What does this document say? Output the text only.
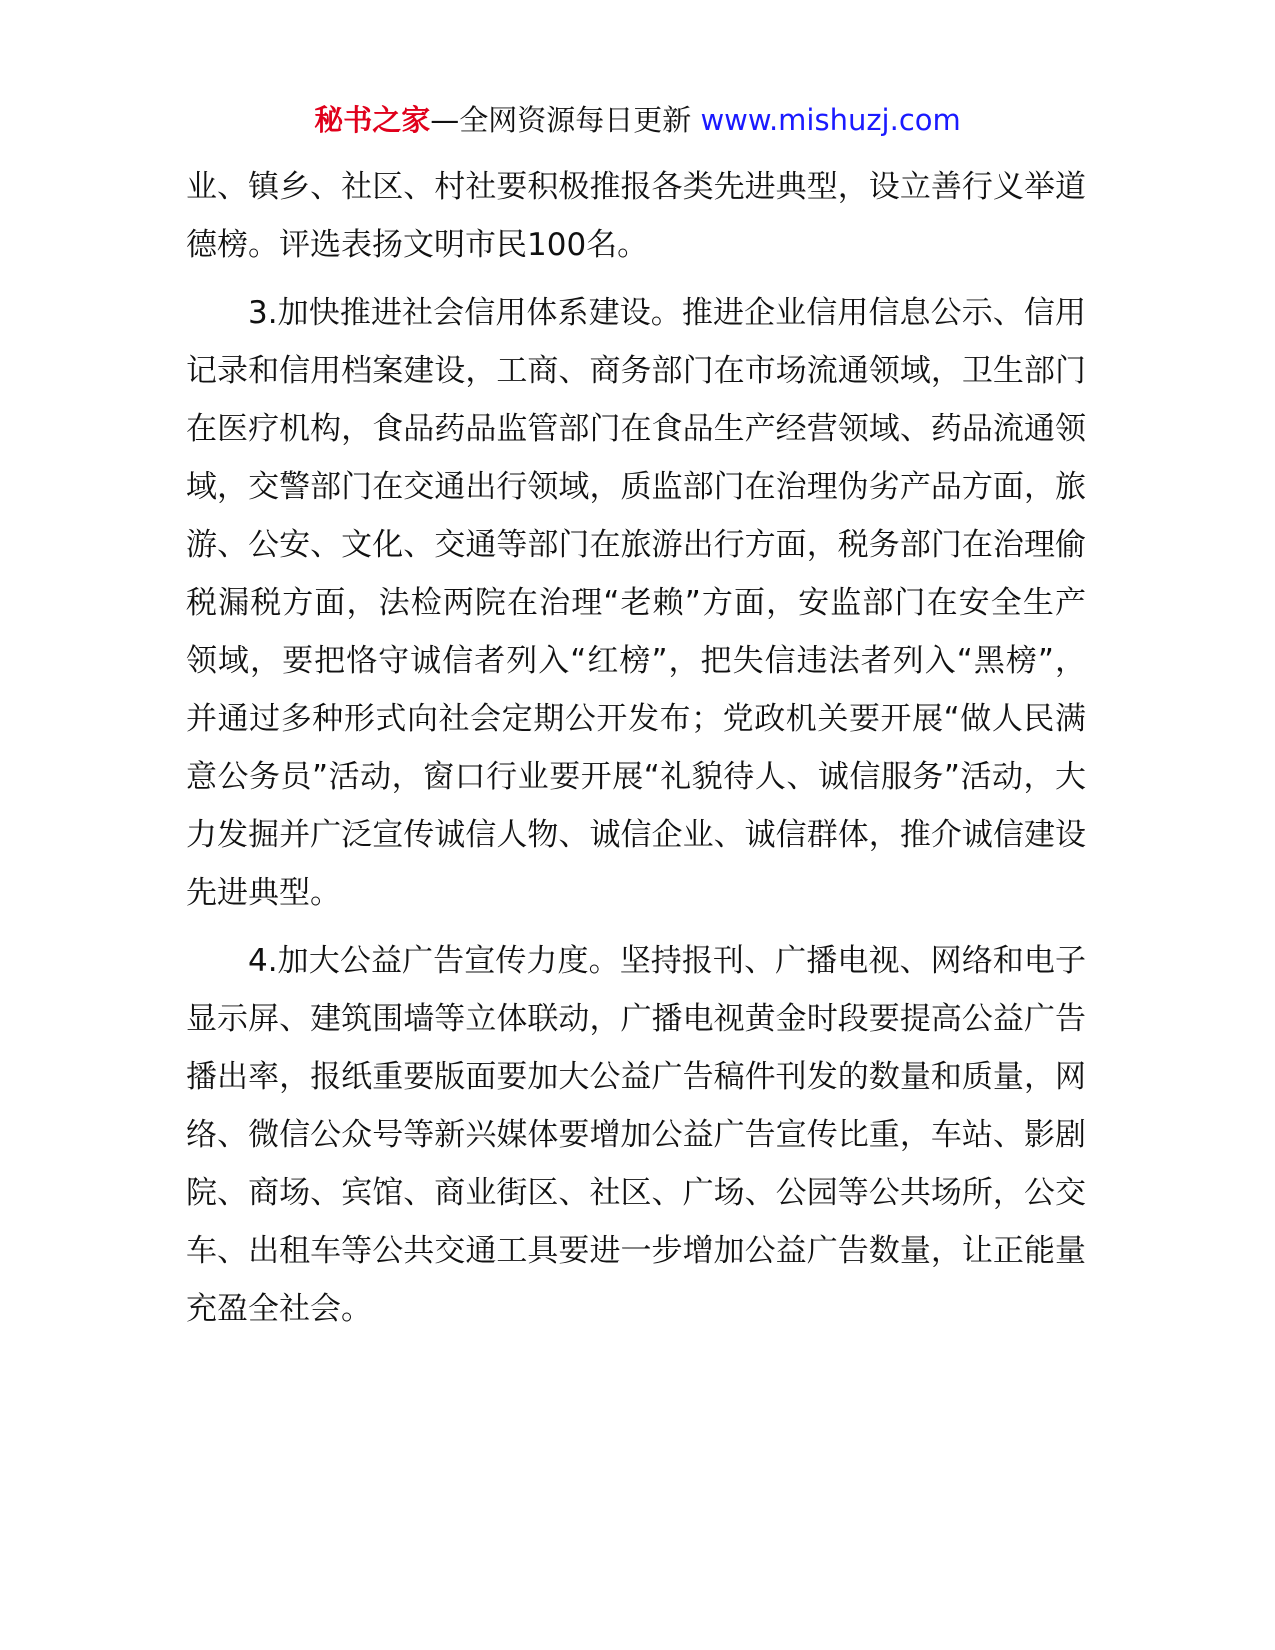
秘书之家—全网资源每日更新 www.mishuzj.com

业、镇乡、社区、村社要积极推报各类先进典型，设立善行义举道德榜。评选表扬文明市民100名。

3.加快推进社会信用体系建设。推进企业信用信息公示、信用记录和信用档案建设，工商、商务部门在市场流通领域，卫生部门在医疗机构，食品药品监管部门在食品生产经营领域、药品流通领域，交警部门在交通出行领域，质监部门在治理伪劣产品方面，旅游、公安、文化、交通等部门在旅游出行方面，税务部门在治理偷税漏税方面，法检两院在治理“老赖”方面，安监部门在安全生产领域，要把恪守诚信者列入“红榜”，把失信违法者列入“黑榜”，并通过多种形式向社会定期公开发布；党政机关要开展“做人民满意公务员”活动，窗口行业要开展“礼貌待人、诚信服务”活动，大力发掘并广泛宣传诚信人物、诚信企业、诚信群体，推介诚信建设先进典型。

4.加大公益广告宣传力度。坚持报刊、广播电视、网络和电子显示屏、建筑围墙等立体联动，广播电视黄金时段要提高公益广告播出率，报纸重要版面要加大公益广告稿件刊发的数量和质量，网络、微信公众号等新兴媒体要增加公益广告宣传比重，车站、影剧院、商场、宾馆、商业街区、社区、广场、公园等公共场所，公交车、出租车等公共交通工具要进一步增加公益广告数量，让正能量充盈全社会。
